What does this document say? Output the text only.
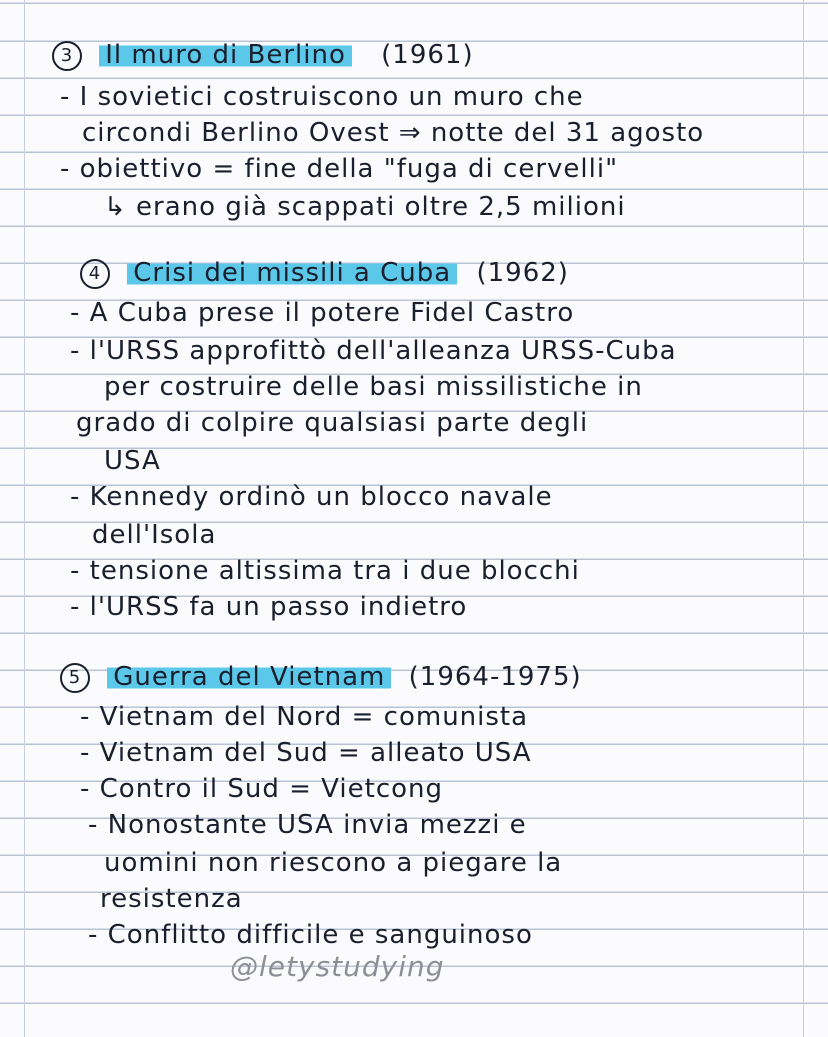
3 Il muro di Berlino (1961)
- I sovietici costruiscono un muro che
circondi Berlino Ovest ⇒ notte del 31 agosto
- obiettivo = fine della "fuga di cervelli"
↳ erano già scappati oltre 2,5 milioni
4 Crisi dei missili a Cuba (1962)
- A Cuba prese il potere Fidel Castro
- l'URSS approfittò dell'alleanza URSS-Cuba
per costruire delle basi missilistiche in
grado di colpire qualsiasi parte degli
USA
- Kennedy ordinò un blocco navale
dell'Isola
- tensione altissima tra i due blocchi
- l'URSS fa un passo indietro
5 Guerra del Vietnam (1964-1975)
- Vietnam del Nord = comunista
- Vietnam del Sud = alleato USA
- Contro il Sud = Vietcong
- Nonostante USA invia mezzi e
uomini non riescono a piegare la
resistenza
- Conflitto difficile e sanguinoso
@letystudying
